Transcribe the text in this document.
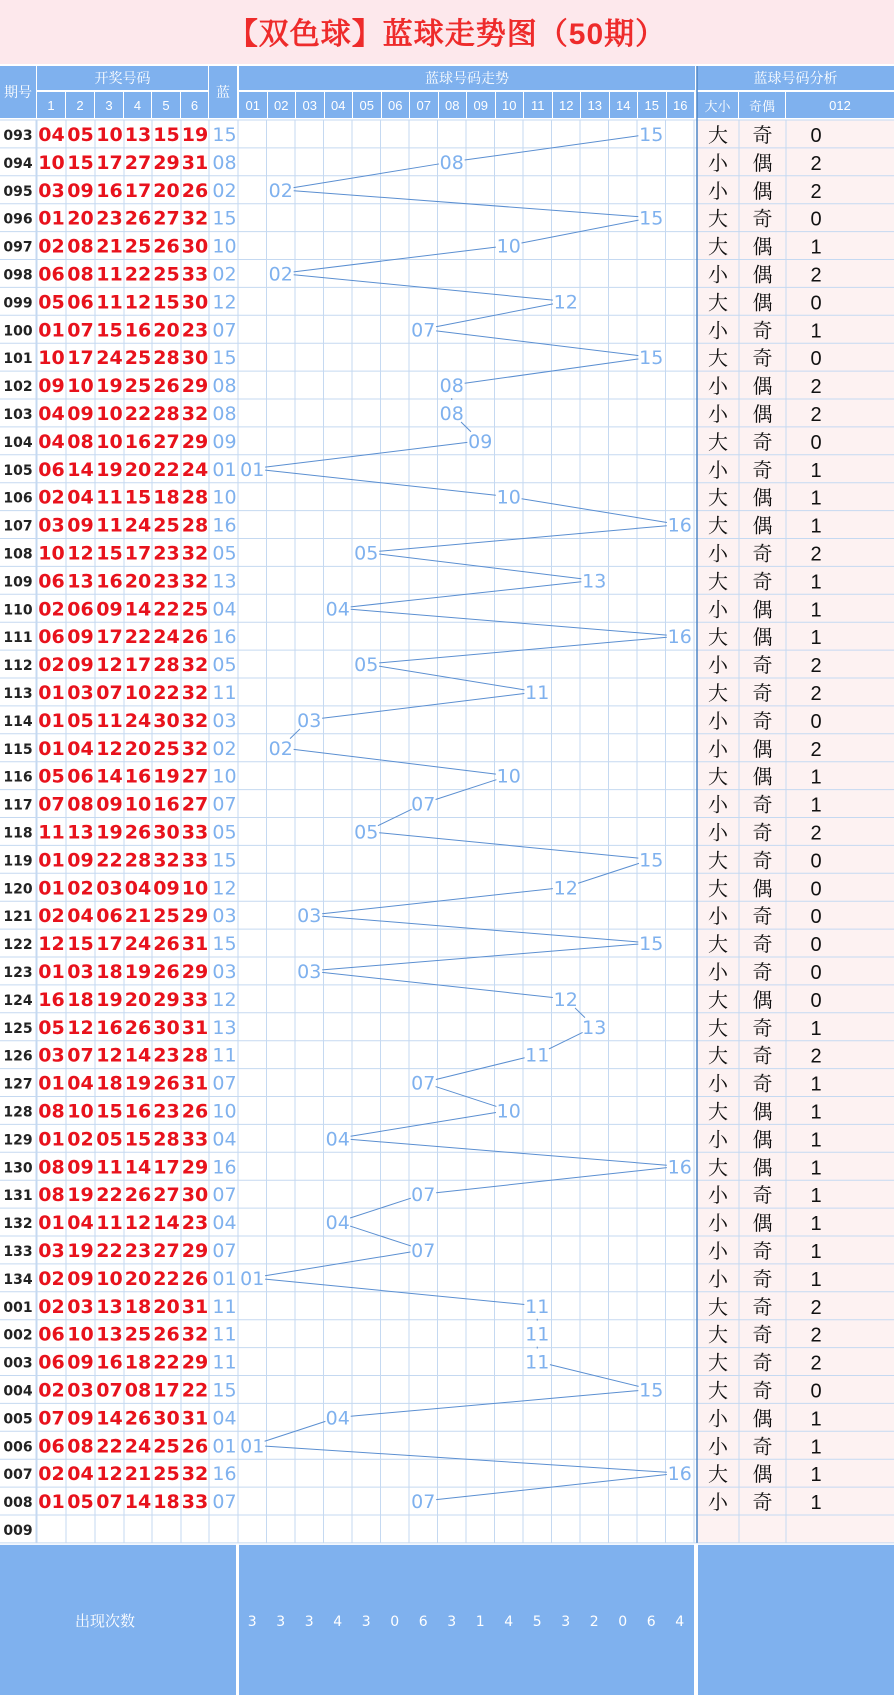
【双色球】蓝球走势图（50期）
期号
开奖号码
1	2	3	4	5	6
蓝
蓝球号码走势
01	02	03	04	05	06	07	08	09	10	11	12	13	14	15	16
蓝球号码分析
大小	奇偶	012
093 04 05 10 13 15 19 15	15 大 奇 0
094 10 15 17 27 29 31 08	08	小 偶 2
095 03 09 16 17 20 26 02 02	小 偶 2
096 01 20 23 26 27 32 15	15 大 奇 0
097 02 08 21 25 26 30 10	10	大 偶 1
098 06 08 11 22 25 33 02 02	小 偶 2
099 05 06 11 12 15 30 12	12	大 偶 0
100 01 07 15 16 20 23 07	07	小 奇 1
101 10 17 24 25 28 30 15	15 大 奇 0
102 09 10 19 25 26 29 08	08	小 偶 2
103 04 09 10 22 28 32 08	08	小 偶 2
104 04 08 10 16 27 29 09	09	大 奇 0
105 06 14 19 20 22 24 01 01	小 奇 1
106 02 04 11 15 18 28 10	10	大 偶 1
107 03 09 11 24 25 28 16	16 大 偶 1
108 10 12 15 17 23 32 05	05	小 奇 2
109 06 13 16 20 23 32 13	13	大 奇 1
110 02 06 09 14 22 25 04	04	小 偶 1
111 06 09 17 22 24 26 16	16 大 偶 1
112 02 09 12 17 28 32 05	05	小 奇 2
113 01 03 07 10 22 32 11	11	大 奇 2
114 01 05 11 24 30 32 03	03	小 奇 0
115 01 04 12 20 25 32 02 02	小 偶 2
116 05 06 14 16 19 27 10	10	大 偶 1
117 07 08 09 10 16 27 07	07	小 奇 1
118 11 13 19 26 30 33 05	05	小 奇 2
119 01 09 22 28 32 33 15	15 大 奇 0
120 01 02 03 04 09 10 12	12	大 偶 0
121 02 04 06 21 25 29 03	03	小 奇 0
122 12 15 17 24 26 31 15	15 大 奇 0
123 01 03 18 19 26 29 03	03	小 奇 0
124 16 18 19 20 29 33 12	12	大 偶 0
125 05 12 16 26 30 31 13	13	大 奇 1
126 03 07 12 14 23 28 11	11	大 奇 2
127 01 04 18 19 26 31 07	07	小 奇 1
128 08 10 15 16 23 26 10	10	大 偶 1
129 01 02 05 15 28 33 04	04	小 偶 1
130 08 09 11 14 17 29 16	16 大 偶 1
131 08 19 22 26 27 30 07	07	小 奇 1
132 01 04 11 12 14 23 04	04	小 偶 1
133 03 19 22 23 27 29 07	07	小 奇 1
134 02 09 10 20 22 26 01 01	小 奇 1
001 02 03 13 18 20 31 11	11	大 奇 2
002 06 10 13 25 26 32 11	11	大 奇 2
003 06 09 16 18 22 29 11	11	大 奇 2
004 02 03 07 08 17 22 15	15 大 奇 0
005 07 09 14 26 30 31 04	04	小 偶 1
006 06 08 22 24 25 26 01 01	小 奇 1
007 02 04 12 21 25 32 16	16 大 偶 1
008 01 05 07 14 18 33 07	07	小 奇 1
009
出现次数	3 3 3 4 3 0 6 3 1 4 5 3 2 0 6 4
